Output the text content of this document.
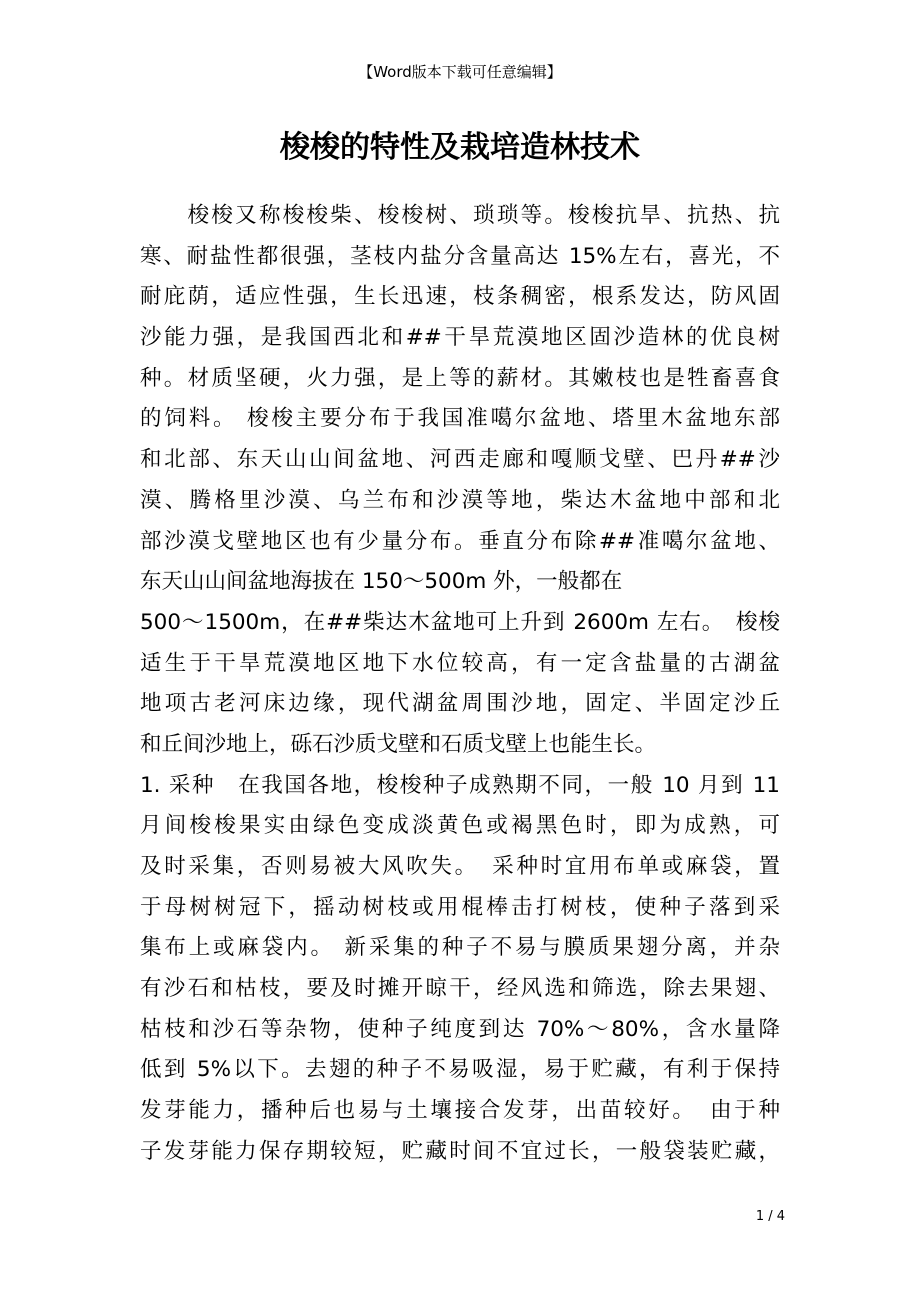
【Word版本下载可任意编辑】
梭梭的特性及栽培造林技术
　　梭梭又称梭梭柴、梭梭树、琐琐等。梭梭抗旱、抗热、抗
寒、耐盐性都很强，茎枝内盐分含量高达 15%左右，喜光，不
耐庇荫，适应性强，生长迅速，枝条稠密，根系发达，防风固
沙能力强，是我国西北和##干旱荒漠地区固沙造林的优良树
种。材质坚硬，火力强，是上等的薪材。其嫩枝也是牲畜喜食
的饲料。 梭梭主要分布于我国准噶尔盆地、塔里木盆地东部
和北部、东天山山间盆地、河西走廊和嘎顺戈壁、巴丹##沙
漠、腾格里沙漠、乌兰布和沙漠等地，柴达木盆地中部和北
部沙漠戈壁地区也有少量分布。垂直分布除##准噶尔盆地、
东天山山间盆地海拔在 150～500m 外，一般都在
500～1500m，在##柴达木盆地可上升到 2600m 左右。　梭梭
适生于干旱荒漠地区地下水位较高，有一定含盐量的古湖盆
地项古老河床边缘，现代湖盆周围沙地，固定、半固定沙丘
和丘间沙地上，砾石沙质戈壁和石质戈壁上也能生长。
1. 采种　在我国各地，梭梭种子成熟期不同，一般 10 月到 11
月间梭梭果实由绿色变成淡黄色或褐黑色时，即为成熟，可
及时采集，否则易被大风吹失。　采种时宜用布单或麻袋，置
于母树树冠下，摇动树枝或用棍棒击打树枝，使种子落到采
集布上或麻袋内。 新采集的种子不易与膜质果翅分离，并杂
有沙石和枯枝，要及时摊开晾干，经风选和筛选，除去果翅、
枯枝和沙石等杂物，使种子纯度到达 70%～80%，含水量降
低到 5%以下。去翅的种子不易吸湿，易于贮藏，有利于保持
发芽能力，播种后也易与土壤接合发芽，出苗较好。　由于种
子发芽能力保存期较短，贮藏时间不宜过长，一般袋装贮藏，
1 / 4
